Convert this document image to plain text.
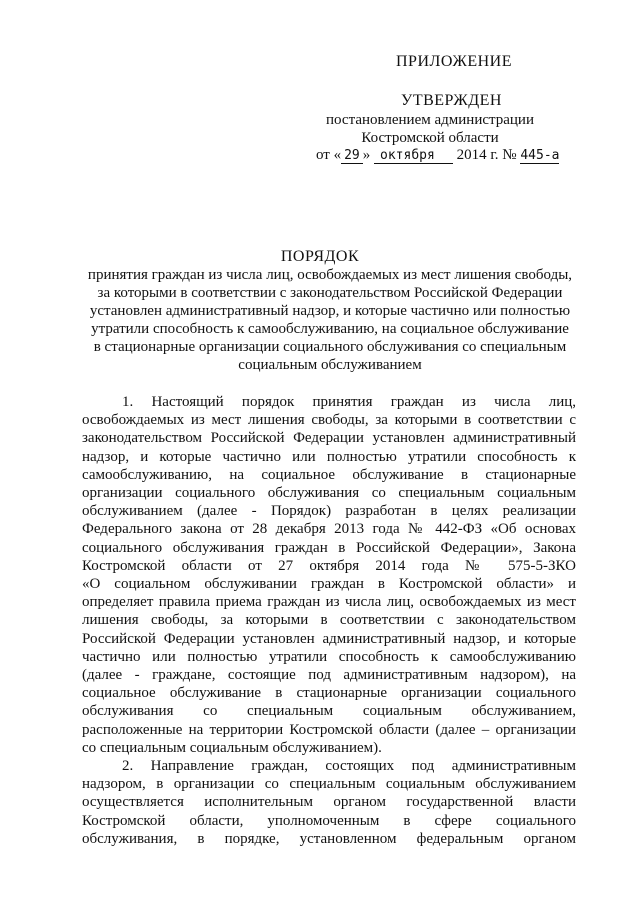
ПРИЛОЖЕНИЕ
УТВЕРЖДЕН
постановлением администрации
Костромской области
от « 29 » октября 2014 г. № 445-а
ПОРЯДОК
принятия граждан из числа лиц, освобождаемых из мест лишения свободы,
за которыми в соответствии с законодательством Российской Федерации
установлен административный надзор, и которые частично или полностью
утратили способность к самообслуживанию, на социальное обслуживание
в стационарные организации социального обслуживания со специальным
социальным обслуживанием
1. Настоящий порядок принятия граждан из числа лиц,
освобождаемых из мест лишения свободы, за которыми в соответствии с
законодательством Российской Федерации установлен административный
надзор, и которые частично или полностью утратили способность к
самообслуживанию, на социальное обслуживание в стационарные
организации социального обслуживания со специальным социальным
обслуживанием (далее - Порядок) разработан в целях реализации
Федерального закона от 28 декабря 2013 года № 442-ФЗ «Об основах
социального обслуживания граждан в Российской Федерации», Закона
Костромской области от 27 октября 2014 года № 575-5-ЗКО
«О социальном обслуживании граждан в Костромской области» и
определяет правила приема граждан из числа лиц, освобождаемых из мест
лишения свободы, за которыми в соответствии с законодательством
Российской Федерации установлен административный надзор, и которые
частично или полностью утратили способность к самообслуживанию
(далее - граждане, состоящие под административным надзором), на
социальное обслуживание в стационарные организации социального
обслуживания со специальным социальным обслуживанием,
расположенные на территории Костромской области (далее – организации
со специальным социальным обслуживанием).
2. Направление граждан, состоящих под административным
надзором, в организации со специальным социальным обслуживанием
осуществляется исполнительным органом государственной власти
Костромской области, уполномоченным в сфере социального
обслуживания, в порядке, установленном федеральным органом
